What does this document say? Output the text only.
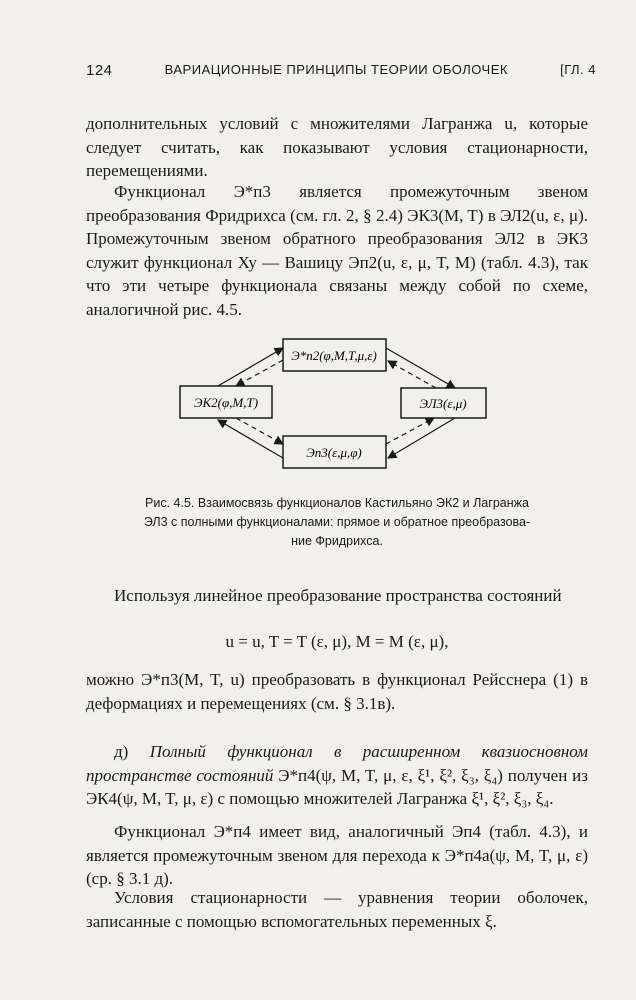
124	ВАРИАЦИОННЫЕ ПРИНЦИПЫ ТЕОРИИ ОБОЛОЧЕК	[ГЛ. 4

дополнительных условий с множителями Лагранжа u, которые следует считать, как показывают условия стационарности, перемещениями.

Функционал Э*п3 является промежуточным звеном преобразования Фридрихса (см. гл. 2, § 2.4) ЭК3(M, T) в ЭЛ2(u, ε, μ). Промежуточным звеном обратного преобразования ЭЛ2 в ЭК3 служит функционал Ху — Вашицу Эп2(u, ε, μ, T, M) (табл. 4.3), так что эти четыре функционала связаны между собой по схеме, аналогичной рис. 4.5.

Э*п2(φ,M,T,μ,ε)
ЭК2(φ,M,T)	ЭЛ3(ε,μ)
Эп3(ε,μ,φ)

Рис. 4.5. Взаимосвязь функционалов Кастильяно ЭК2 и Лагранжа
ЭЛ3 с полными функционалами: прямое и обратное преобразова-
ние Фридрихса.

Используя линейное преобразование пространства состояний

u = u, T = T (ε, μ), M = M (ε, μ),

можно Э*п3(M, T, u) преобразовать в функционал Рейсснера (1) в деформациях и перемещениях (см. § 3.1в).

д) Полный функционал в расширенном квазиосновном пространстве состояний Э*п4(ψ, M, T, μ, ε, ξ¹, ξ², ξ₃, ξ₄) получен из ЭК4(ψ, M, T, μ, ε) с помощью множителей Лагранжа ξ¹, ξ², ξ₃, ξ₄.

Функционал Э*п4 имеет вид, аналогичный Эп4 (табл. 4.3), и является промежуточным звеном для перехода к Э*п4а(ψ, M, T, μ, ε) (ср. § 3.1 д).

Условия стационарности — уравнения теории оболочек, записанные с помощью вспомогательных переменных ξ.
